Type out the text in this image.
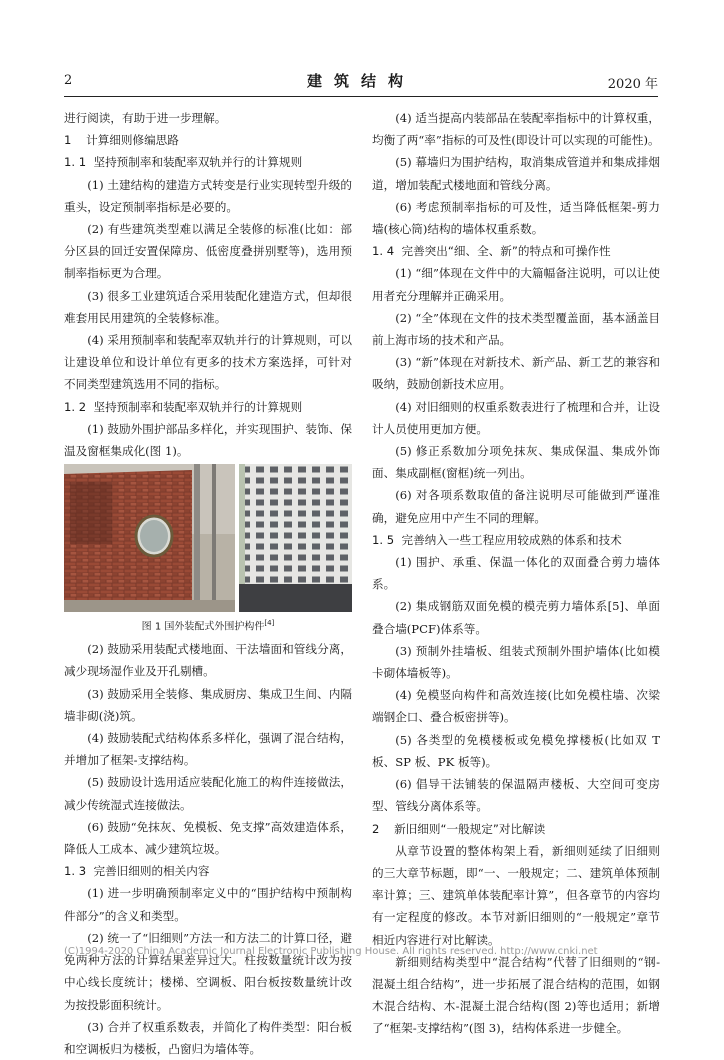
2	建筑结构	2020 年

进行阅读，有助于进一步理解。

1    计算细则修编思路

1. 1  坚持预制率和装配率双轨并行的计算规则

(1) 土建结构的建造方式转变是行业实现转型升级的重头，设定预制率指标是必要的。

(2) 有些建筑类型难以满足全装修的标准(比如：部分区县的回迁安置保障房、低密度叠拼别墅等)，选用预制率指标更为合理。

(3) 很多工业建筑适合采用装配化建造方式，但却很难套用民用建筑的全装修标准。

(4) 采用预制率和装配率双轨并行的计算规则，可以让建设单位和设计单位有更多的技术方案选择，可针对不同类型建筑选用不同的指标。

1. 2  坚持预制率和装配率双轨并行的计算规则

(1) 鼓励外围护部品多样化，并实现围护、装饰、保温及窗框集成化(图 1)。

图 1 国外装配式外围护构件[4]

(2) 鼓励采用装配式楼地面、干法墙面和管线分离，减少现场湿作业及开孔剔槽。

(3) 鼓励采用全装修、集成厨房、集成卫生间、内隔墙非砌(浇)筑。

(4) 鼓励装配式结构体系多样化，强调了混合结构，并增加了框架-支撑结构。

(5) 鼓励设计选用适应装配化施工的构件连接做法，减少传统湿式连接做法。

(6) 鼓励“免抹灰、免模板、免支撑”高效建造体系，降低人工成本、减少建筑垃圾。

1. 3  完善旧细则的相关内容

(1) 进一步明确预制率定义中的“围护结构中预制构件部分”的含义和类型。

(2) 统一了“旧细则”方法一和方法二的计算口径，避免两种方法的计算结果差异过大。柱按数量统计改为按中心线长度统计；楼梯、空调板、阳台板按数量统计改为按投影面积统计。

(3) 合并了权重系数表，并简化了构件类型：阳台板和空调板归为楼板，凸窗归为墙体等。

(4) 适当提高内装部品在装配率指标中的计算权重，均衡了两“率”指标的可及性(即设计可以实现的可能性)。

(5) 幕墙归为围护结构，取消集成管道并和集成排烟道，增加装配式楼地面和管线分离。

(6) 考虑预制率指标的可及性，适当降低框架-剪力墙(核心筒)结构的墙体权重系数。

1. 4  完善突出“细、全、新”的特点和可操作性

(1) “细”体现在文件中的大篇幅备注说明，可以让使用者充分理解并正确采用。

(2) “全”体现在文件的技术类型覆盖面，基本涵盖目前上海市场的技术和产品。

(3) “新”体现在对新技术、新产品、新工艺的兼容和吸纳，鼓励创新技术应用。

(4) 对旧细则的权重系数表进行了梳理和合并，让设计人员使用更加方便。

(5) 修正系数加分项免抹灰、集成保温、集成外饰面、集成副框(窗框)统一列出。

(6) 对各项系数取值的备注说明尽可能做到严谨准确，避免应用中产生不同的理解。

1. 5  完善纳入一些工程应用较成熟的体系和技术

(1) 围护、承重、保温一体化的双面叠合剪力墙体系。

(2) 集成钢筋双面免模的模壳剪力墙体系[5]、单面叠合墙(PCF)体系等。

(3) 预制外挂墙板、组装式预制外围护墙体(比如模卡砌体墙板等)。

(4) 免模竖向构件和高效连接(比如免模柱墙、次梁端钢企口、叠合板密拼等)。

(5) 各类型的免模楼板或免模免撑楼板(比如双 T 板、SP 板、PK 板等)。

(6) 倡导干法铺装的保温隔声楼板、大空间可变房型、管线分离体系等。

2    新旧细则“一般规定”对比解读

从章节设置的整体构架上看，新细则延续了旧细则的三大章节标题，即“一、一般规定；二、建筑单体预制率计算；三、建筑单体装配率计算”，但各章节的内容均有一定程度的修改。本节对新旧细则的“一般规定”章节相近内容进行对比解读。

新细则结构类型中“混合结构”代替了旧细则的“钢-混凝土组合结构”，进一步拓展了混合结构的范围，如钢木混合结构、木-混凝土混合结构(图 2)等也适用；新增了“框架-支撑结构”(图 3)，结构体系进一步健全。

(C)1994-2020 China Academic Journal Electronic Publishing House. All rights reserved. http://www.cnki.net
